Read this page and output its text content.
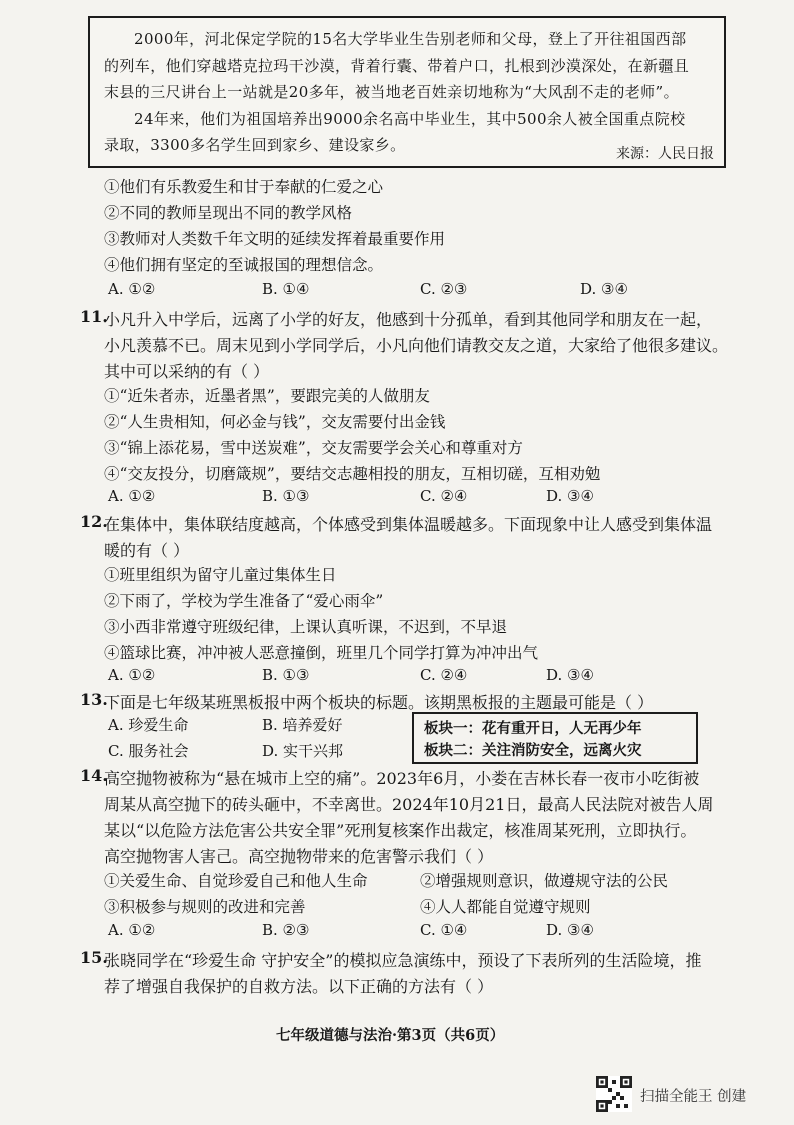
2000年，河北保定学院的15名大学毕业生告别老师和父母，登上了开往祖国西部
的列车，他们穿越塔克拉玛干沙漠，背着行囊、带着户口，扎根到沙漠深处，在新疆且
末县的三尺讲台上一站就是20多年，被当地老百姓亲切地称为“大风刮不走的老师”。
24年来，他们为祖国培养出9000余名高中毕业生，其中500余人被全国重点院校
录取，3300多名学生回到家乡、建设家乡。	来源：人民日报
①他们有乐教爱生和甘于奉献的仁爱之心
②不同的教师呈现出不同的教学风格
③教师对人类数千年文明的延续发挥着最重要作用
④他们拥有坚定的至诚报国的理想信念。
A. ①②	B. ①④	C. ②③	D. ③④
11.
小凡升入中学后，远离了小学的好友，他感到十分孤单，看到其他同学和朋友在一起，
小凡羡慕不已。周末见到小学同学后，小凡向他们请教交友之道，大家给了他很多建议。
其中可以采纳的有（ ）
①“近朱者赤，近墨者黑”，要跟完美的人做朋友
②“人生贵相知，何必金与钱”，交友需要付出金钱
③“锦上添花易，雪中送炭难”，交友需要学会关心和尊重对方
④“交友投分，切磨箴规”，要结交志趣相投的朋友，互相切磋，互相劝勉
A. ①②	B. ①③	C. ②④	D. ③④
12.
在集体中，集体联结度越高，个体感受到集体温暖越多。下面现象中让人感受到集体温
暖的有（ ）
①班里组织为留守儿童过集体生日
②下雨了，学校为学生准备了“爱心雨伞”
③小西非常遵守班级纪律，上课认真听课，不迟到，不早退
④篮球比赛，冲冲被人恶意撞倒，班里几个同学打算为冲冲出气
A. ①②	B. ①③	C. ②④	D. ③④
13.
下面是七年级某班黑板报中两个板块的标题。该期黑板报的主题最可能是（ ）
A. 珍爱生命	B. 培养爱好
C. 服务社会	D. 实干兴邦
板块一：花有重开日，人无再少年
板块二：关注消防安全，远离火灾
14.
高空抛物被称为“悬在城市上空的痛”。2023年6月，小娄在吉林长春一夜市小吃街被
周某从高空抛下的砖头砸中，不幸离世。2024年10月21日，最高人民法院对被告人周
某以“以危险方法危害公共安全罪”死刑复核案作出裁定，核准周某死刑，立即执行。
高空抛物害人害己。高空抛物带来的危害警示我们（ ）
①关爱生命、自觉珍爱自己和他人生命	②增强规则意识，做遵规守法的公民
③积极参与规则的改进和完善	④人人都能自觉遵守规则
A. ①②	B. ②③	C. ①④	D. ③④
15.
张晓同学在“珍爱生命 守护安全”的模拟应急演练中，预设了下表所列的生活险境，推
荐了增强自我保护的自救方法。以下正确的方法有（ ）
七年级道德与法治·第3页（共6页）
扫描全能王 创建
